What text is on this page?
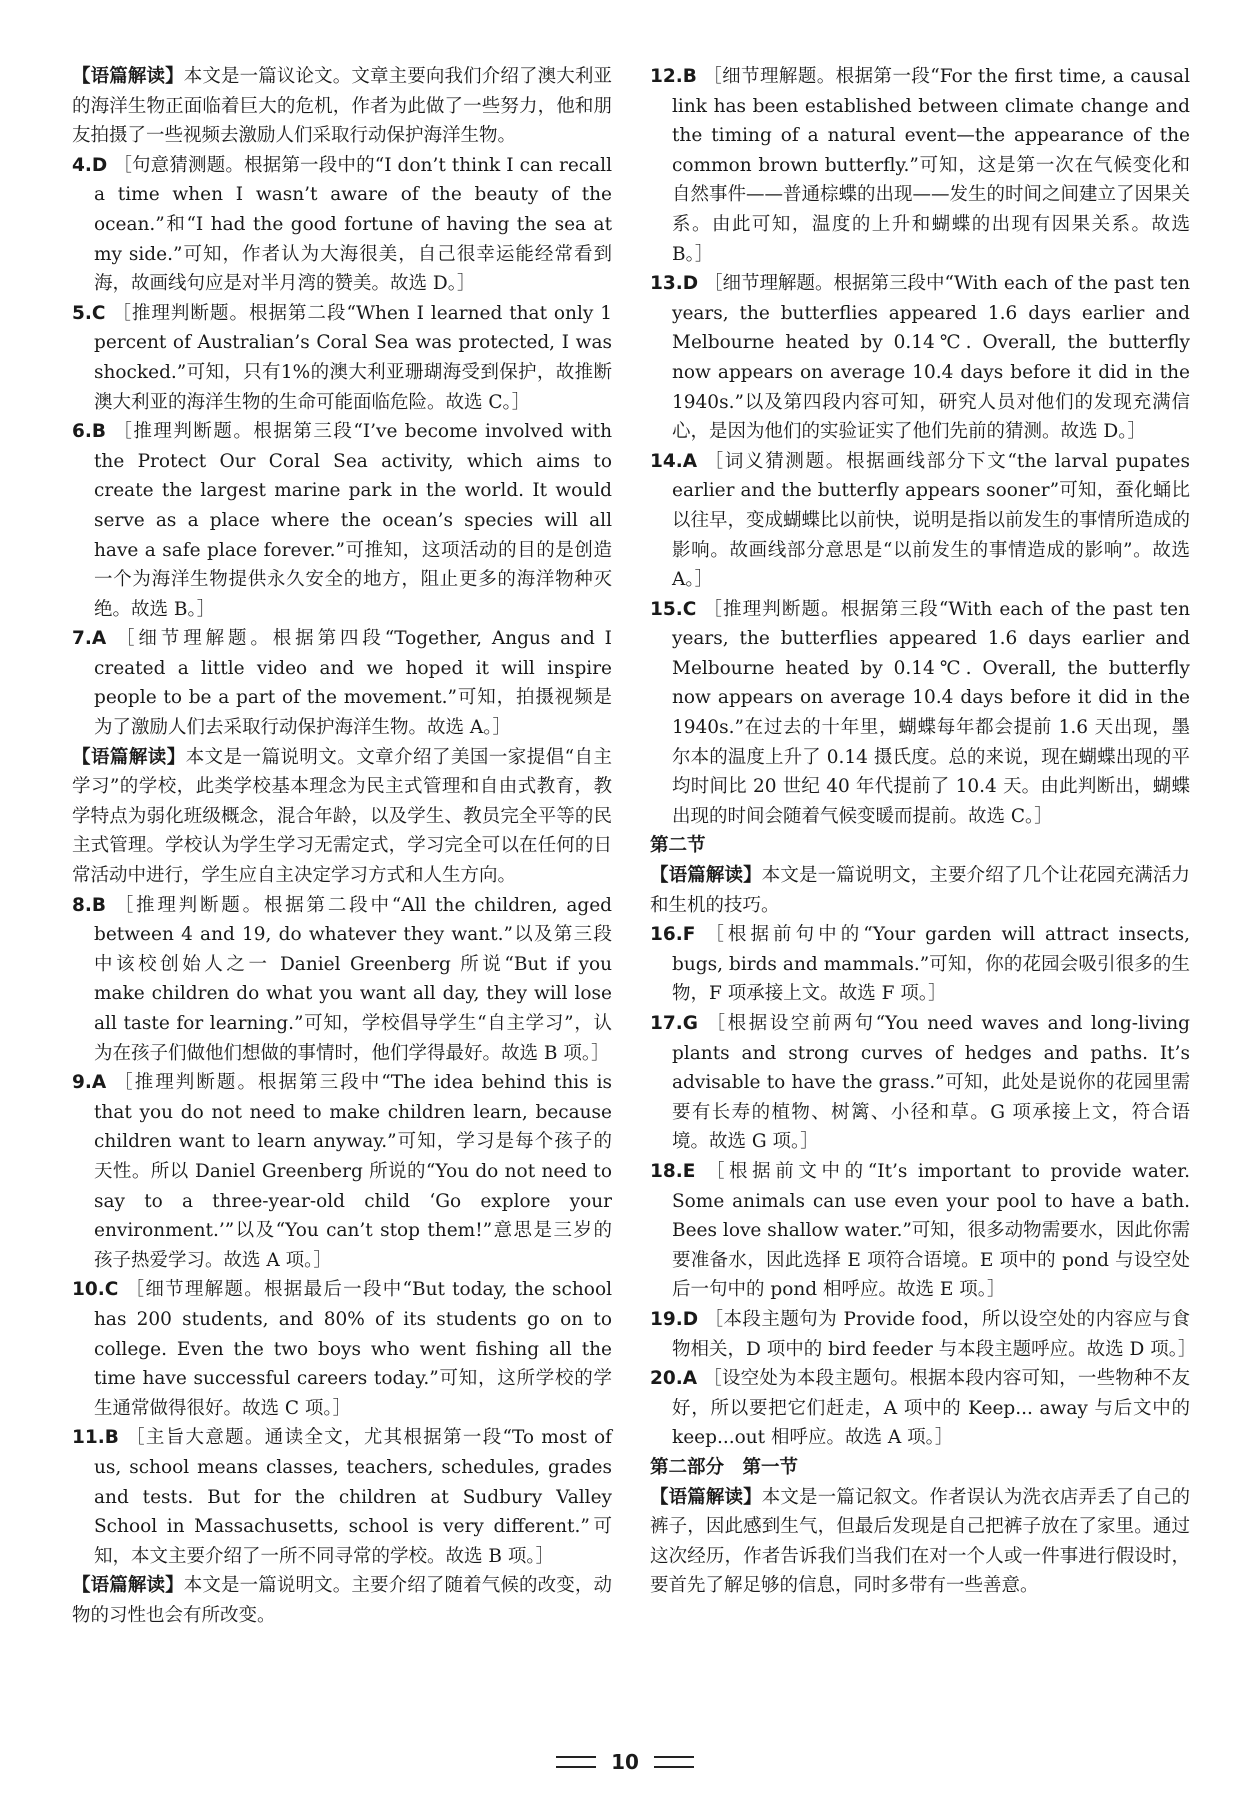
【语篇解读】本文是一篇议论文。文章主要向我们介绍了澳大利亚的海洋生物正面临着巨大的危机，作者为此做了一些努力，他和朋友拍摄了一些视频去激励人们采取行动保护海洋生物。

4.D ［句意猜测题。根据第一段中的“I don’t think I can recall a time when I wasn’t aware of the beauty of the ocean.”和“I had the good fortune of having the sea at my side.”可知，作者认为大海很美，自己很幸运能经常看到海，故画线句应是对半月湾的赞美。故选 D。］

5.C ［推理判断题。根据第二段“When I learned that only 1 percent of Australian’s Coral Sea was protected, I was shocked.”可知，只有1%的澳大利亚珊瑚海受到保护，故推断澳大利亚的海洋生物的生命可能面临危险。故选 C。］

6.B ［推理判断题。根据第三段“I’ve become involved with the Protect Our Coral Sea activity, which aims to create the largest marine park in the world. It would serve as a place where the ocean’s species will all have a safe place forever.”可推知，这项活动的目的是创造一个为海洋生物提供永久安全的地方，阻止更多的海洋物种灭绝。故选 B。］

7.A ［细节理解题。根据第四段“Together, Angus and I created a little video and we hoped it will inspire people to be a part of the movement.”可知，拍摄视频是为了激励人们去采取行动保护海洋生物。故选 A。］

【语篇解读】本文是一篇说明文。文章介绍了美国一家提倡“自主学习”的学校，此类学校基本理念为民主式管理和自由式教育，教学特点为弱化班级概念，混合年龄，以及学生、教员完全平等的民主式管理。学校认为学生学习无需定式，学习完全可以在任何的日常活动中进行，学生应自主决定学习方式和人生方向。

8.B ［推理判断题。根据第二段中“All the children, aged between 4 and 19, do whatever they want.”以及第三段中该校创始人之一 Daniel Greenberg 所说“But if you make children do what you want all day, they will lose all taste for learning.”可知，学校倡导学生“自主学习”，认为在孩子们做他们想做的事情时，他们学得最好。故选 B 项。］

9.A ［推理判断题。根据第三段中“The idea behind this is that you do not need to make children learn, because children want to learn anyway.”可知，学习是每个孩子的天性。所以 Daniel Greenberg 所说的“You do not need to say to a three-year-old child ‘Go explore your environment.’”以及“You can’t stop them!”意思是三岁的孩子热爱学习。故选 A 项。］

10.C ［细节理解题。根据最后一段中“But today, the school has 200 students, and 80% of its students go on to college. Even the two boys who went fishing all the time have successful careers today.”可知，这所学校的学生通常做得很好。故选 C 项。］

11.B ［主旨大意题。通读全文，尤其根据第一段“To most of us, school means classes, teachers, schedules, grades and tests. But for the children at Sudbury Valley School in Massachusetts, school is very different.”可知，本文主要介绍了一所不同寻常的学校。故选 B 项。］

【语篇解读】本文是一篇说明文。主要介绍了随着气候的改变，动物的习性也会有所改变。

12.B ［细节理解题。根据第一段“For the first time, a causal link has been established between climate change and the timing of a natural event—the appearance of the common brown butterfly.”可知，这是第一次在气候变化和自然事件——普通棕蝶的出现——发生的时间之间建立了因果关系。由此可知，温度的上升和蝴蝶的出现有因果关系。故选 B。］

13.D ［细节理解题。根据第三段中“With each of the past ten years, the butterflies appeared 1.6 days earlier and Melbourne heated by 0.14℃. Overall, the butterfly now appears on average 10.4 days before it did in the 1940s.”以及第四段内容可知，研究人员对他们的发现充满信心，是因为他们的实验证实了他们先前的猜测。故选 D。］

14.A ［词义猜测题。根据画线部分下文“the larval pupates earlier and the butterfly appears sooner”可知，蚕化蛹比以往早，变成蝴蝶比以前快，说明是指以前发生的事情所造成的影响。故画线部分意思是“以前发生的事情造成的影响”。故选 A。］

15.C ［推理判断题。根据第三段“With each of the past ten years, the butterflies appeared 1.6 days earlier and Melbourne heated by 0.14℃. Overall, the butterfly now appears on average 10.4 days before it did in the 1940s.”在过去的十年里，蝴蝶每年都会提前 1.6 天出现，墨尔本的温度上升了 0.14 摄氏度。总的来说，现在蝴蝶出现的平均时间比 20 世纪 40 年代提前了 10.4 天。由此判断出，蝴蝶出现的时间会随着气候变暖而提前。故选 C。］

第二节

【语篇解读】本文是一篇说明文，主要介绍了几个让花园充满活力和生机的技巧。

16.F ［根据前句中的“Your garden will attract insects, bugs, birds and mammals.”可知，你的花园会吸引很多的生物，F 项承接上文。故选 F 项。］

17.G ［根据设空前两句“You need waves and long-living plants and strong curves of hedges and paths. It’s advisable to have the grass.”可知，此处是说你的花园里需要有长寿的植物、树篱、小径和草。G 项承接上文，符合语境。故选 G 项。］

18.E ［根据前文中的“It’s important to provide water. Some animals can use even your pool to have a bath. Bees love shallow water.”可知，很多动物需要水，因此你需要准备水，因此选择 E 项符合语境。E 项中的 pond 与设空处后一句中的 pond 相呼应。故选 E 项。］

19.D ［本段主题句为 Provide food，所以设空处的内容应与食物相关，D 项中的 bird feeder 与本段主题呼应。故选 D 项。］

20.A ［设空处为本段主题句。根据本段内容可知，一些物种不友好，所以要把它们赶走，A 项中的 Keep... away 与后文中的 keep...out 相呼应。故选 A 项。］

第二部分　第一节

【语篇解读】本文是一篇记叙文。作者误认为洗衣店弄丢了自己的裤子，因此感到生气，但最后发现是自己把裤子放在了家里。通过这次经历，作者告诉我们当我们在对一个人或一件事进行假设时，要首先了解足够的信息，同时多带有一些善意。

10
